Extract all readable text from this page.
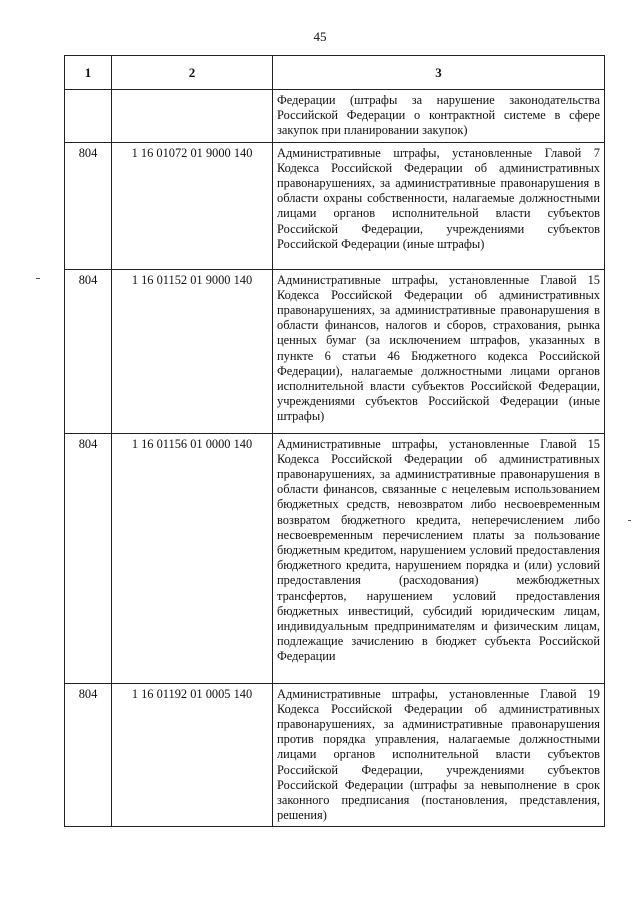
45
1	2	3
		Федерации (штрафы за нарушение законодательства Российской Федерации о контрактной системе в сфере закупок при планировании закупок)
804	1 16 01072 01 9000 140	Административные штрафы, установленные Главой 7 Кодекса Российской Федерации об административных правонарушениях, за административные правонарушения в области охраны собственности, налагаемые должностными лицами органов исполнительной власти субъектов Российской Федерации, учреждениями субъектов Российской Федерации (иные штрафы)
804	1 16 01152 01 9000 140	Административные штрафы, установленные Главой 15 Кодекса Российской Федерации об административных правонарушениях, за административные правонарушения в области финансов, налогов и сборов, страхования, рынка ценных бумаг (за исключением штрафов, указанных в пункте 6 статьи 46 Бюджетного кодекса Российской Федерации), налагаемые должностными лицами органов исполнительной власти субъектов Российской Федерации, учреждениями субъектов Российской Федерации (иные штрафы)
804	1 16 01156 01 0000 140	Административные штрафы, установленные Главой 15 Кодекса Российской Федерации об административных правонарушениях, за административные правонарушения в области финансов, связанные с нецелевым использованием бюджетных средств, невозвратом либо несвоевременным возвратом бюджетного кредита, неперечислением либо несвоевременным перечислением платы за пользование бюджетным кредитом, нарушением условий предоставления бюджетного кредита, нарушением порядка и (или) условий предоставления (расходования) межбюджетных трансфертов, нарушением условий предоставления бюджетных инвестиций, субсидий юридическим лицам, индивидуальным предпринимателям и физическим лицам, подлежащие зачислению в бюджет субъекта Российской Федерации
804	1 16 01192 01 0005 140	Административные штрафы, установленные Главой 19 Кодекса Российской Федерации об административных правонарушениях, за административные правонарушения против порядка управления, налагаемые должностными лицами органов исполнительной власти субъектов Российской Федерации, учреждениями субъектов Российской Федерации (штрафы за невыполнение в срок законного предписания (постановления, представления, решения)
